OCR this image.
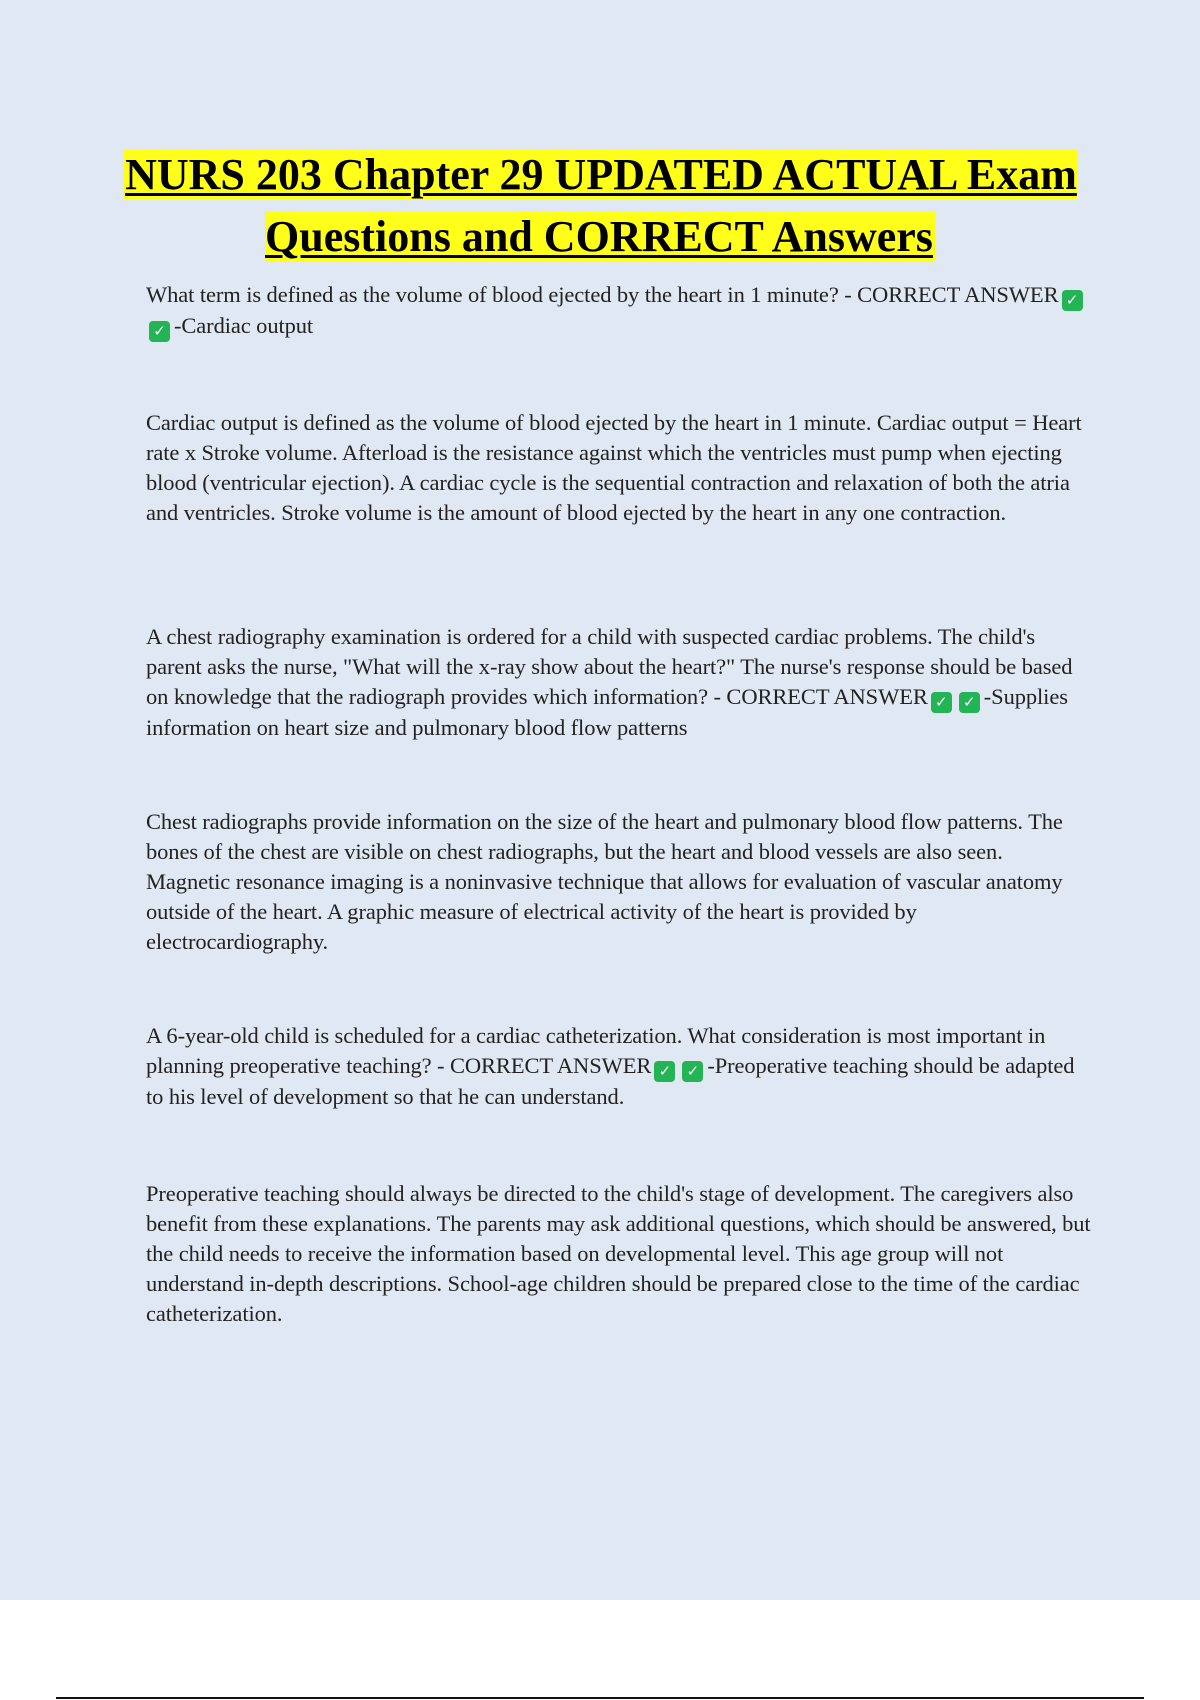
NURS 203 Chapter 29 UPDATED ACTUAL Exam Questions and CORRECT Answers

What term is defined as the volume of blood ejected by the heart in 1 minute? - CORRECT ANSWER ✓✓ -Cardiac output

Cardiac output is defined as the volume of blood ejected by the heart in 1 minute. Cardiac output = Heart rate x Stroke volume. Afterload is the resistance against which the ventricles must pump when ejecting blood (ventricular ejection). A cardiac cycle is the sequential contraction and relaxation of both the atria and ventricles. Stroke volume is the amount of blood ejected by the heart in any one contraction.

A chest radiography examination is ordered for a child with suspected cardiac problems. The child's parent asks the nurse, "What will the x-ray show about the heart?" The nurse's response should be based on knowledge that the radiograph provides which information? - CORRECT ANSWER ✓ ✓ -Supplies information on heart size and pulmonary blood flow patterns

Chest radiographs provide information on the size of the heart and pulmonary blood flow patterns. The bones of the chest are visible on chest radiographs, but the heart and blood vessels are also seen. Magnetic resonance imaging is a noninvasive technique that allows for evaluation of vascular anatomy outside of the heart. A graphic measure of electrical activity of the heart is provided by electrocardiography.

A 6-year-old child is scheduled for a cardiac catheterization. What consideration is most important in planning preoperative teaching? - CORRECT ANSWER ✓ ✓ -Preoperative teaching should be adapted to his level of development so that he can understand.

Preoperative teaching should always be directed to the child's stage of development. The caregivers also benefit from these explanations. The parents may ask additional questions, which should be answered, but the child needs to receive the information based on developmental level. This age group will not understand in-depth descriptions. School-age children should be prepared close to the time of the cardiac catheterization.
